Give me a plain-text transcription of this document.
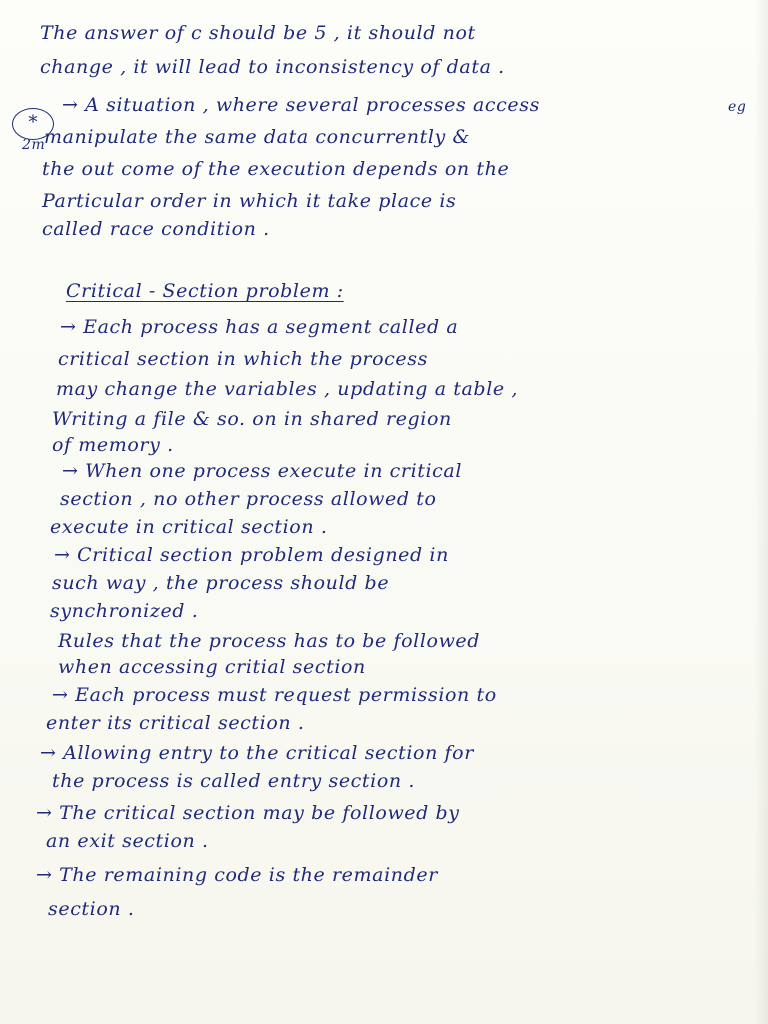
*
2m
eg
The answer of c should be 5 , it should not
change , it will lead to inconsistency of data .
→ A situation , where several processes access
manipulate the same data concurrently &
the out come of the execution depends on the
Particular order in which it take place is
called race condition .
Critical - Section problem :
→ Each process has a segment called a
critical section in which the process
may change the variables , updating a table ,
Writing a file & so. on in shared region
of memory .
→ When one process execute in critical
section , no other process allowed to
execute in critical section .
→ Critical section problem designed in
such way , the process should be
synchronized .
Rules that the process has to be followed
when accessing critial section
→ Each process must request permission to
enter its critical section .
→ Allowing entry to the critical section for
the process is called entry section .
→ The critical section may be followed by
an exit section .
→ The remaining code is the remainder
section .
